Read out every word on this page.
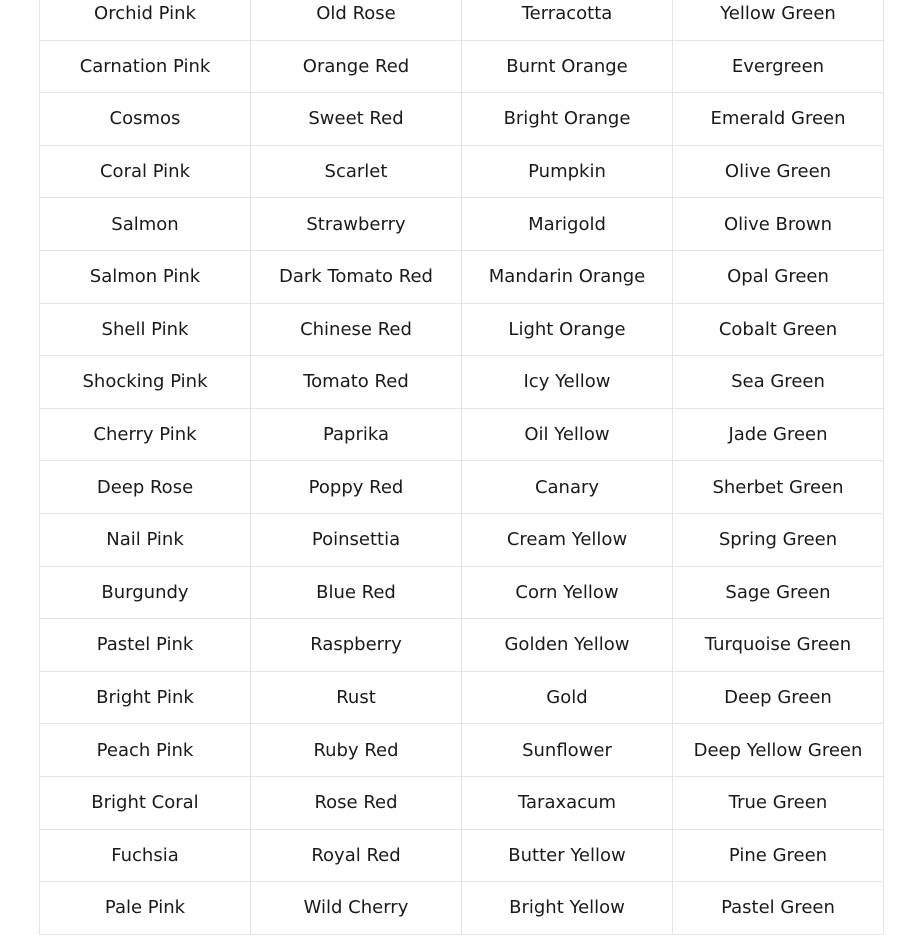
Orchid Pink	Old Rose	Terracotta	Yellow Green
Carnation Pink	Orange Red	Burnt Orange	Evergreen
Cosmos	Sweet Red	Bright Orange	Emerald Green
Coral Pink	Scarlet	Pumpkin	Olive Green
Salmon	Strawberry	Marigold	Olive Brown
Salmon Pink	Dark Tomato Red	Mandarin Orange	Opal Green
Shell Pink	Chinese Red	Light Orange	Cobalt Green
Shocking Pink	Tomato Red	Icy Yellow	Sea Green
Cherry Pink	Paprika	Oil Yellow	Jade Green
Deep Rose	Poppy Red	Canary	Sherbet Green
Nail Pink	Poinsettia	Cream Yellow	Spring Green
Burgundy	Blue Red	Corn Yellow	Sage Green
Pastel Pink	Raspberry	Golden Yellow	Turquoise Green
Bright Pink	Rust	Gold	Deep Green
Peach Pink	Ruby Red	Sunflower	Deep Yellow Green
Bright Coral	Rose Red	Taraxacum	True Green
Fuchsia	Royal Red	Butter Yellow	Pine Green
Pale Pink	Wild Cherry	Bright Yellow	Pastel Green
